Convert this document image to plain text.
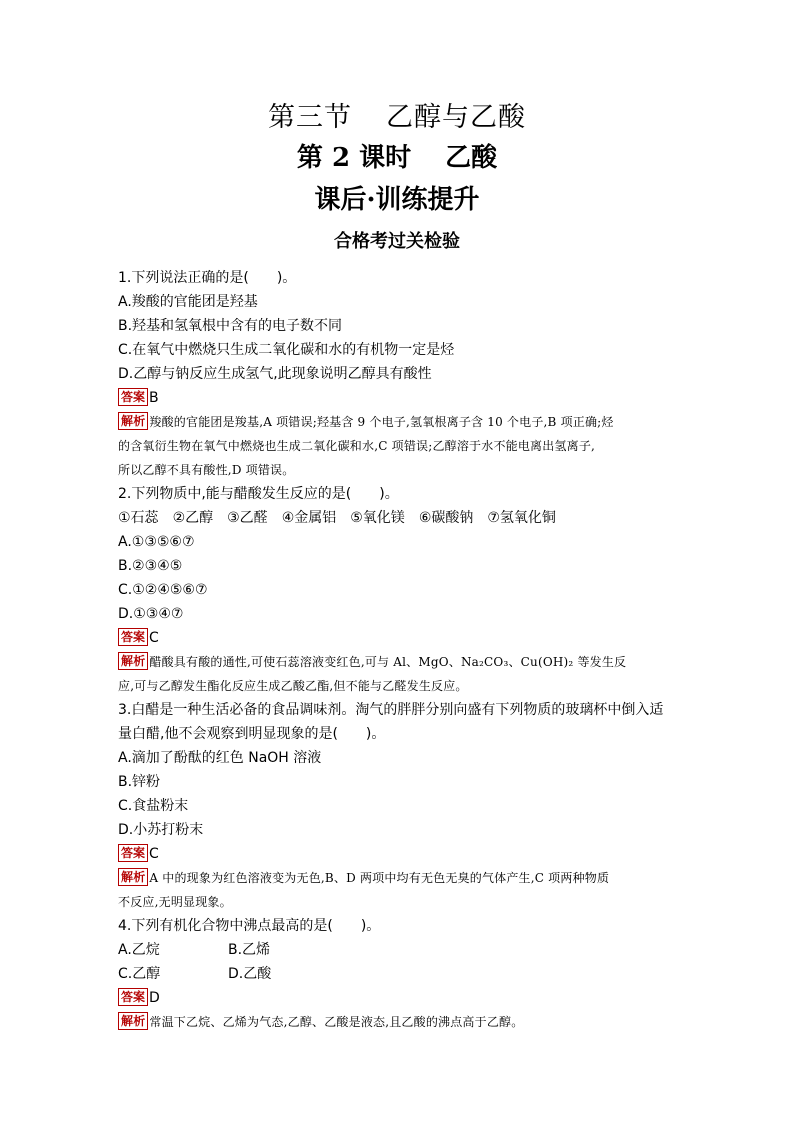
第三节 乙醇与乙酸
第 2 课时 乙酸
课后·训练提升
合格考过关检验
1.下列说法正确的是(　　)。
A.羧酸的官能团是羟基
B.羟基和氢氧根中含有的电子数不同
C.在氧气中燃烧只生成二氧化碳和水的有机物一定是烃
D.乙醇与钠反应生成氢气,此现象说明乙醇具有酸性
答案 B
解析 羧酸的官能团是羧基,A 项错误;羟基含 9 个电子,氢氧根离子含 10 个电子,B 项正确;烃
的含氧衍生物在氧气中燃烧也生成二氧化碳和水,C 项错误;乙醇溶于水不能电离出氢离子,
所以乙醇不具有酸性,D 项错误。
2.下列物质中,能与醋酸发生反应的是(　　)。
①石蕊 ②乙醇 ③乙醛 ④金属铝 ⑤氧化镁 ⑥碳酸钠 ⑦氢氧化铜
A.①③⑤⑥⑦
B.②③④⑤
C.①②④⑤⑥⑦
D.①③④⑦
答案 C
解析 醋酸具有酸的通性,可使石蕊溶液变红色,可与 Al、MgO、Na₂CO₃、Cu(OH)₂ 等发生反
应,可与乙醇发生酯化反应生成乙酸乙酯,但不能与乙醛发生反应。
3.白醋是一种生活必备的食品调味剂。淘气的胖胖分别向盛有下列物质的玻璃杯中倒入适
量白醋,他不会观察到明显现象的是(　　)。
A.滴加了酚酞的红色 NaOH 溶液
B.锌粉
C.食盐粉末
D.小苏打粉末
答案 C
解析 A 中的现象为红色溶液变为无色,B、D 两项中均有无色无臭的气体产生,C 项两种物质
不反应,无明显现象。
4.下列有机化合物中沸点最高的是(　　)。
A.乙烷	B.乙烯
C.乙醇	D.乙酸
答案 D
解析 常温下乙烷、乙烯为气态,乙醇、乙酸是液态,且乙酸的沸点高于乙醇。
